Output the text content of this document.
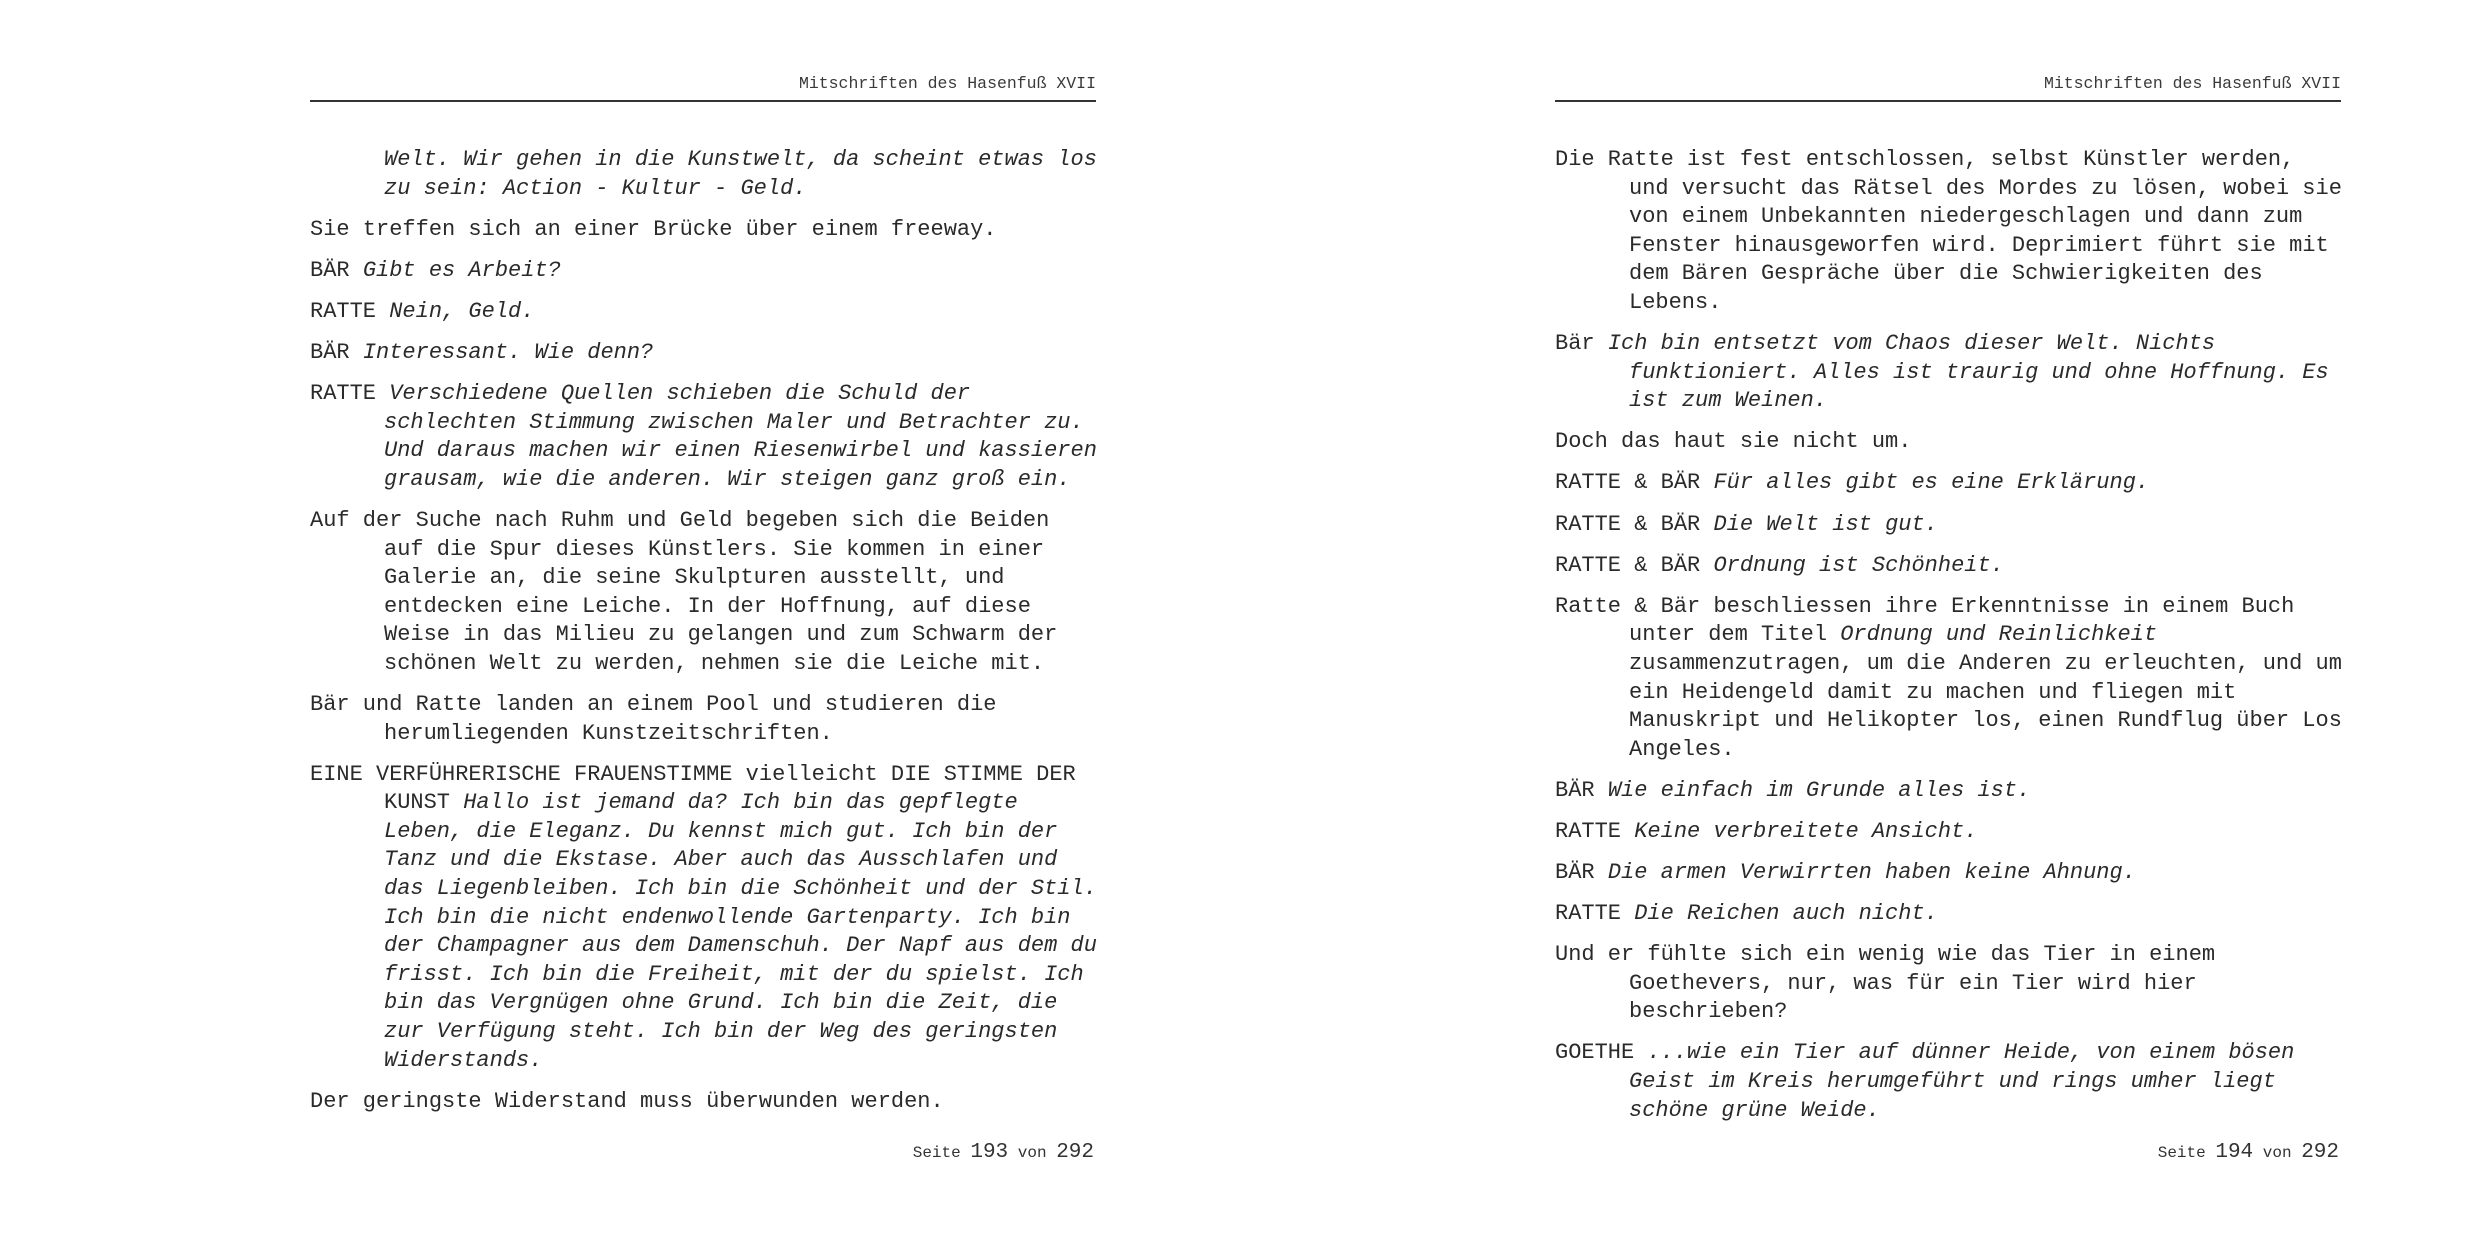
Mitschriften des Hasenfuß XVII

Welt. Wir gehen in die Kunstwelt, da scheint etwas los zu sein: Action - Kultur - Geld.

Sie treffen sich an einer Brücke über einem freeway.

BÄR Gibt es Arbeit?

RATTE Nein, Geld.

BÄR Interessant. Wie denn?

RATTE Verschiedene Quellen schieben die Schuld der schlechten Stimmung zwischen Maler und Betrachter zu. Und daraus machen wir einen Riesenwirbel und kassieren grausam, wie die anderen. Wir steigen ganz groß ein.

Auf der Suche nach Ruhm und Geld begeben sich die Beiden auf die Spur dieses Künstlers. Sie kommen in einer Galerie an, die seine Skulpturen ausstellt, und entdecken eine Leiche. In der Hoffnung, auf diese Weise in das Milieu zu gelangen und zum Schwarm der schönen Welt zu werden, nehmen sie die Leiche mit.

Bär und Ratte landen an einem Pool und studieren die herumliegenden Kunstzeitschriften.

EINE VERFÜHRERISCHE FRAUENSTIMME vielleicht DIE STIMME DER KUNST Hallo ist jemand da? Ich bin das gepflegte Leben, die Eleganz. Du kennst mich gut. Ich bin der Tanz und die Ekstase. Aber auch das Ausschlafen und das Liegenbleiben. Ich bin die Schönheit und der Stil. Ich bin die nicht endenwollende Gartenparty. Ich bin der Champagner aus dem Damenschuh. Der Napf aus dem du frisst. Ich bin die Freiheit, mit der du spielst. Ich bin das Vergnügen ohne Grund. Ich bin die Zeit, die zur Verfügung steht. Ich bin der Weg des geringsten Widerstands.

Der geringste Widerstand muss überwunden werden.

Seite 193 von 292
Mitschriften des Hasenfuß XVII

Die Ratte ist fest entschlossen, selbst Künstler werden, und versucht das Rätsel des Mordes zu lösen, wobei sie von einem Unbekannten niedergeschlagen und dann zum Fenster hinausgeworfen wird. Deprimiert führt sie mit dem Bären Gespräche über die Schwierigkeiten des Lebens.

Bär Ich bin entsetzt vom Chaos dieser Welt. Nichts funktioniert. Alles ist traurig und ohne Hoffnung. Es ist zum Weinen.

Doch das haut sie nicht um.

RATTE & BÄR Für alles gibt es eine Erklärung.

RATTE & BÄR Die Welt ist gut.

RATTE & BÄR Ordnung ist Schönheit.

Ratte & Bär beschliessen ihre Erkenntnisse in einem Buch unter dem Titel Ordnung und Reinlichkeit zusammenzutragen, um die Anderen zu erleuchten, und um ein Heidengeld damit zu machen und fliegen mit Manuskript und Helikopter los, einen Rundflug über Los Angeles.

BÄR Wie einfach im Grunde alles ist.

RATTE Keine verbreitete Ansicht.

BÄR Die armen Verwirrten haben keine Ahnung.

RATTE Die Reichen auch nicht.

Und er fühlte sich ein wenig wie das Tier in einem Goethevers, nur, was für ein Tier wird hier beschrieben?

GOETHE ...wie ein Tier auf dünner Heide, von einem bösen Geist im Kreis herumgeführt und rings umher liegt schöne grüne Weide.

Seite 194 von 292
